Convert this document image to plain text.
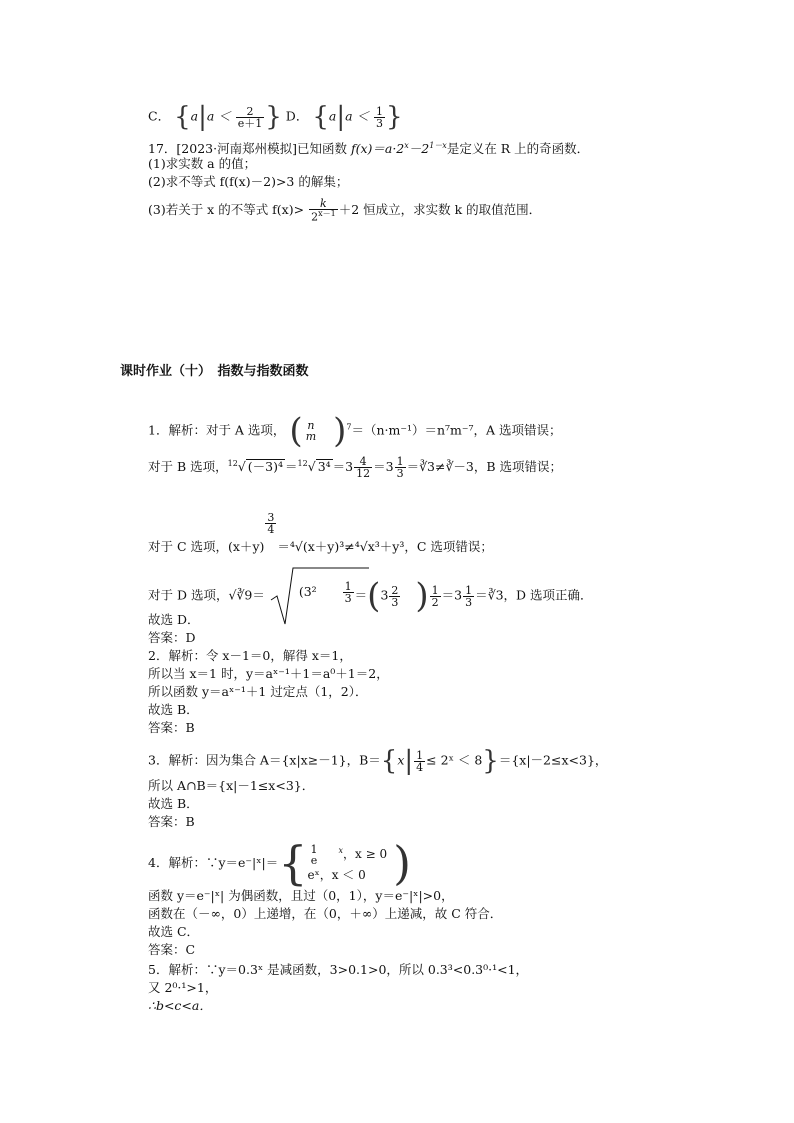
C． {$a|a < \frac{2}{e+1}$ } D． {$a|a < \frac{1}{3}$ }
17．[2023·河南郑州模拟]已知函数 $f(x)=a\cdot 2^x-2^{1-x}$是定义在 R 上的奇函数．
(1)求实数 a 的值；
(2)求不等式 f(f(x)－2)>3 的解集；
(3)若关于 x 的不等式 $f(x)> \frac{k}{2^{x-1}} +2$ 恒成立，求实数 k 的取值范围．
课时作业（十）　指数与指数函数
1．解析：对于 A 选项， ( n
m )$^7$＝（n·m⁻¹）＝n⁷m⁻⁷，A 选项错误；
对于 B 选项，$^{12}$√ (－3)⁴ ＝$^{12}$√ $3^4 =3 \frac{4}{12} =3 \frac{1}{3}$ ＝∛3≠∛－3，B 选项错误；
对于 C 选项，(x＋y)
$\frac{3}{4}$
＝⁴√(x＋y)³≠⁴√x³＋y³，C 选项错误；
对于 D 选项，√∛9＝	($3^2 \frac{1}{3} =(3 \frac{2}{3}$ ) $\frac{1}{2} =3 \frac{1}{3}$ ＝∛3，D 选项正确．
故选 D．
答案：D
2．解析：令 x－1＝0，解得 x＝1，
所以当 x＝1 时，y＝aˣ⁻¹＋1＝a⁰＋1＝2，
所以函数 y＝aˣ⁻¹＋1 过定点（1，2）．
故选 B．
答案：B
3．解析：因为集合 A＝{x|x≥－1}，$B=\{x| \frac{1}{4}$ ≤ 2ˣ ＜ 8}＝{x|－2≤x<3}，
所以 A∩B＝{x|－1≤x<3}．
故选 B．
答案：B
4．解析：∵y＝e⁻|ˣ|＝{ 1
e
$^x$，x ≥ 0
eˣ，x ＜ 0 )
函数 y＝e⁻|ˣ| 为偶函数，且过（0，1），y＝e⁻|ˣ|>0，
函数在（－∞，0）上递增，在（0，＋∞）上递减，故 C 符合．
故选 C．
答案：C
5．解析：∵y＝0.3ˣ 是减函数，3>0.1>0，所以 0.3³<0.3⁰·¹<1，
又 2⁰·¹>1，
∴b<c<a．
